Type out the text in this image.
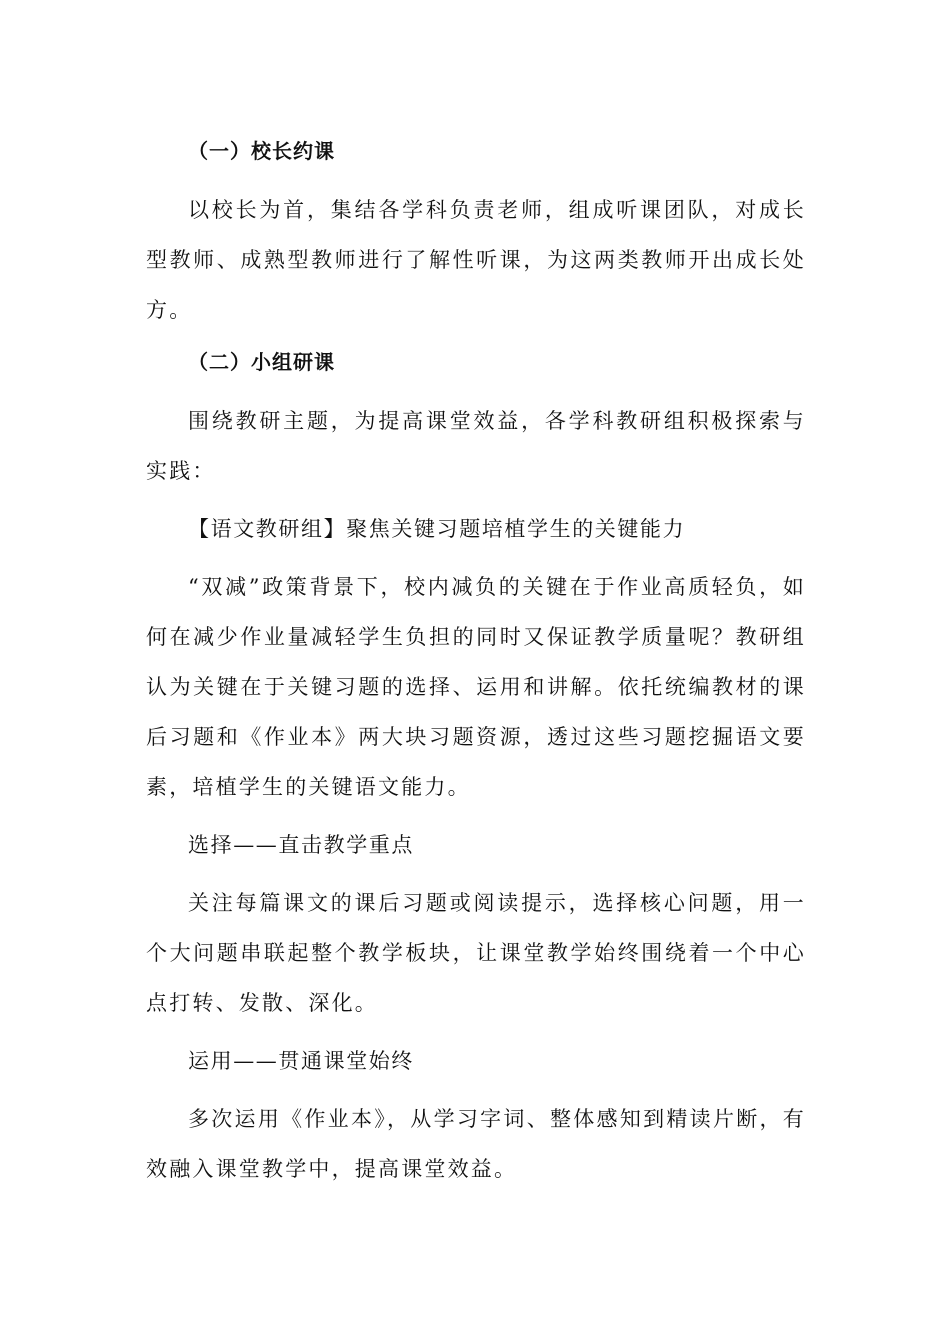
（一）校长约课

以校长为首，集结各学科负责老师，组成听课团队，对成长型教师、成熟型教师进行了解性听课，为这两类教师开出成长处方。

（二）小组研课

围绕教研主题，为提高课堂效益，各学科教研组积极探索与实践：

【语文教研组】聚焦关键习题培植学生的关键能力

“双减”政策背景下，校内减负的关键在于作业高质轻负，如何在减少作业量减轻学生负担的同时又保证教学质量呢？教研组认为关键在于关键习题的选择、运用和讲解。依托统编教材的课后习题和《作业本》两大块习题资源，透过这些习题挖掘语文要素，培植学生的关键语文能力。

选择——直击教学重点

关注每篇课文的课后习题或阅读提示，选择核心问题，用一个大问题串联起整个教学板块，让课堂教学始终围绕着一个中心点打转、发散、深化。

运用——贯通课堂始终

多次运用《作业本》，从学习字词、整体感知到精读片断，有效融入课堂教学中，提高课堂效益。
